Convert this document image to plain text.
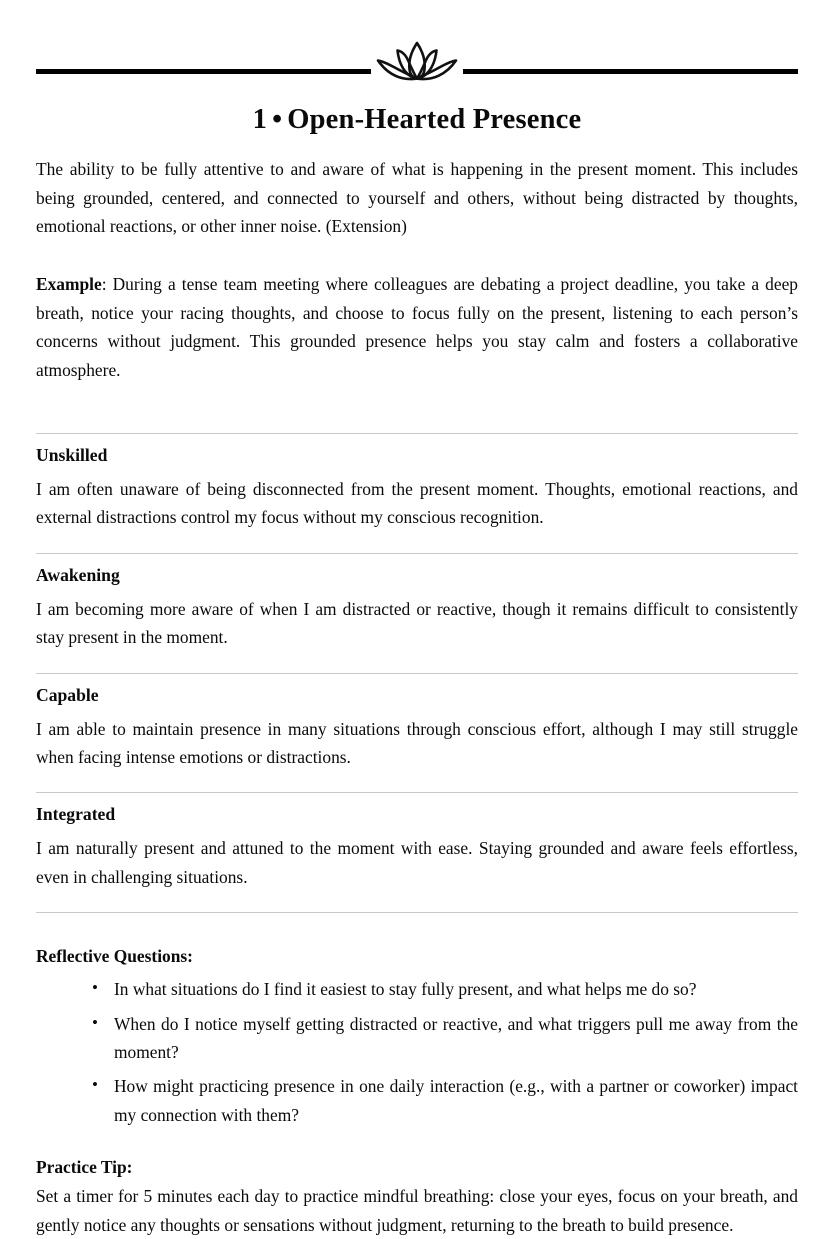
1 • Open-Hearted Presence

The ability to be fully attentive to and aware of what is happening in the present moment. This includes being grounded, centered, and connected to yourself and others, without being distracted by thoughts, emotional reactions, or other inner noise. (Extension)

Example: During a tense team meeting where colleagues are debating a project deadline, you take a deep breath, notice your racing thoughts, and choose to focus fully on the present, listening to each person’s concerns without judgment. This grounded presence helps you stay calm and fosters a collaborative atmosphere.

Unskilled

I am often unaware of being disconnected from the present moment. Thoughts, emotional reactions, and external distractions control my focus without my conscious recognition.

Awakening

I am becoming more aware of when I am distracted or reactive, though it remains difficult to consistently stay present in the moment.

Capable

I am able to maintain presence in many situations through conscious effort, although I may still struggle when facing intense emotions or distractions.

Integrated

I am naturally present and attuned to the moment with ease. Staying grounded and aware feels effortless, even in challenging situations.

Reflective Questions:

• In what situations do I find it easiest to stay fully present, and what helps me do so?
• When do I notice myself getting distracted or reactive, and what triggers pull me away from the moment?
• How might practicing presence in one daily interaction (e.g., with a partner or coworker) impact my connection with them?

Practice Tip:

Set a timer for 5 minutes each day to practice mindful breathing: close your eyes, focus on your breath, and gently notice any thoughts or sensations without judgment, returning to the breath to build presence.
